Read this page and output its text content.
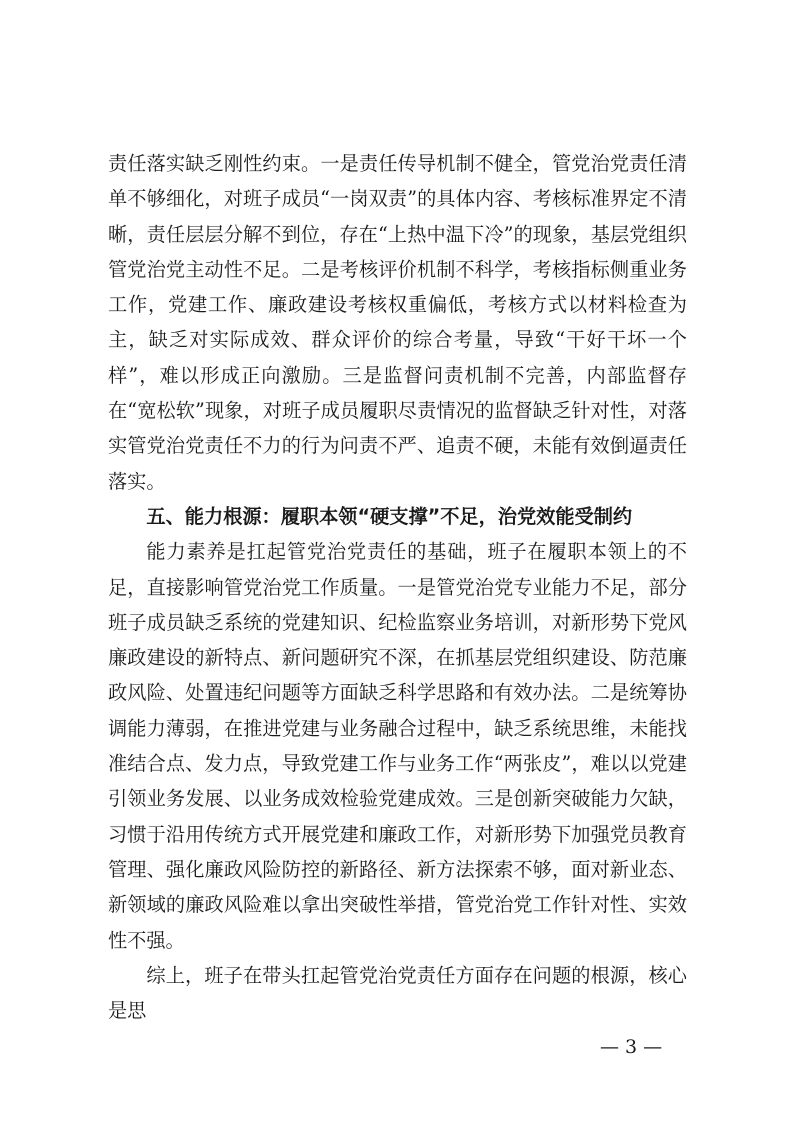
责任落实缺乏刚性约束。一是责任传导机制不健全，管党治党责任清单不够细化，对班子成员“一岗双责”的具体内容、考核标准界定不清晰，责任层层分解不到位，存在“上热中温下冷”的现象，基层党组织管党治党主动性不足。二是考核评价机制不科学，考核指标侧重业务工作，党建工作、廉政建设考核权重偏低，考核方式以材料检查为主，缺乏对实际成效、群众评价的综合考量，导致“干好干坏一个样”，难以形成正向激励。三是监督问责机制不完善，内部监督存在“宽松软”现象，对班子成员履职尽责情况的监督缺乏针对性，对落实管党治党责任不力的行为问责不严、追责不硬，未能有效倒逼责任落实。

五、能力根源：履职本领“硬支撑”不足，治党效能受制约

能力素养是扛起管党治党责任的基础，班子在履职本领上的不足，直接影响管党治党工作质量。一是管党治党专业能力不足，部分班子成员缺乏系统的党建知识、纪检监察业务培训，对新形势下党风廉政建设的新特点、新问题研究不深，在抓基层党组织建设、防范廉政风险、处置违纪问题等方面缺乏科学思路和有效办法。二是统筹协调能力薄弱，在推进党建与业务融合过程中，缺乏系统思维，未能找准结合点、发力点，导致党建工作与业务工作“两张皮”，难以以党建引领业务发展、以业务成效检验党建成效。三是创新突破能力欠缺，习惯于沿用传统方式开展党建和廉政工作，对新形势下加强党员教育管理、强化廉政风险防控的新路径、新方法探索不够，面对新业态、新领域的廉政风险难以拿出突破性举措，管党治党工作针对性、实效性不强。

综上，班子在带头扛起管党治党责任方面存在问题的根源，核心是思

— 3 —
